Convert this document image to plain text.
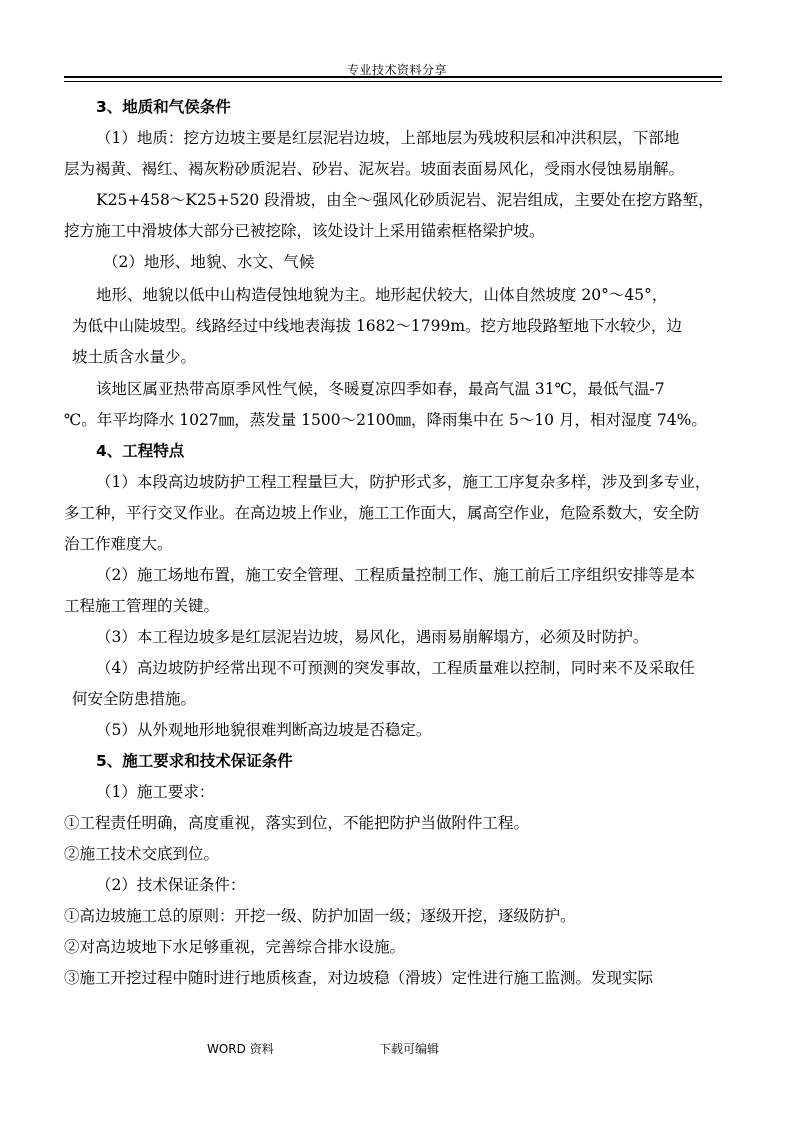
专业技术资料分享
3、地质和气侯条件
（1）地质：挖方边坡主要是红层泥岩边坡，上部地层为残坡积层和冲洪积层，下部地
层为褐黄、褐红、褐灰粉砂质泥岩、砂岩、泥灰岩。坡面表面易风化，受雨水侵蚀易崩解。
K25+458～K25+520 段滑坡，由全～强风化砂质泥岩、泥岩组成，主要处在挖方路堑，
挖方施工中滑坡体大部分已被挖除，该处设计上采用锚索框格梁护坡。
（2）地形、地貌、水文、气候
地形、地貌以低中山构造侵蚀地貌为主。地形起伏较大，山体自然坡度 20°～45°，
为低中山陡坡型。线路经过中线地表海拔 1682～1799m。挖方地段路堑地下水较少，边
坡土质含水量少。
该地区属亚热带高原季风性气候，冬暖夏凉四季如春，最高气温 31℃，最低气温-7
℃。年平均降水 1027㎜，蒸发量 1500～2100㎜，降雨集中在 5～10 月，相对湿度 74%。
4、工程特点
（1）本段高边坡防护工程工程量巨大，防护形式多，施工工序复杂多样，涉及到多专业，
多工种，平行交叉作业。在高边坡上作业，施工工作面大，属高空作业，危险系数大，安全防
治工作难度大。
（2）施工场地布置，施工安全管理、工程质量控制工作、施工前后工序组织安排等是本
工程施工管理的关键。
（3）本工程边坡多是红层泥岩边坡，易风化，遇雨易崩解塌方，必须及时防护。
（4）高边坡防护经常出现不可预测的突发事故，工程质量难以控制，同时来不及采取任
何安全防患措施。
（5）从外观地形地貌很难判断高边坡是否稳定。
5、施工要求和技术保证条件
（1）施工要求：
①工程责任明确，高度重视，落实到位，不能把防护当做附件工程。
②施工技术交底到位。
（2）技术保证条件：
①高边坡施工总的原则：开挖一级、防护加固一级；逐级开挖，逐级防护。
②对高边坡地下水足够重视，完善综合排水设施。
③施工开挖过程中随时进行地质核查，对边坡稳（滑坡）定性进行施工监测。发现实际
WORD 资料	下载可编辑
